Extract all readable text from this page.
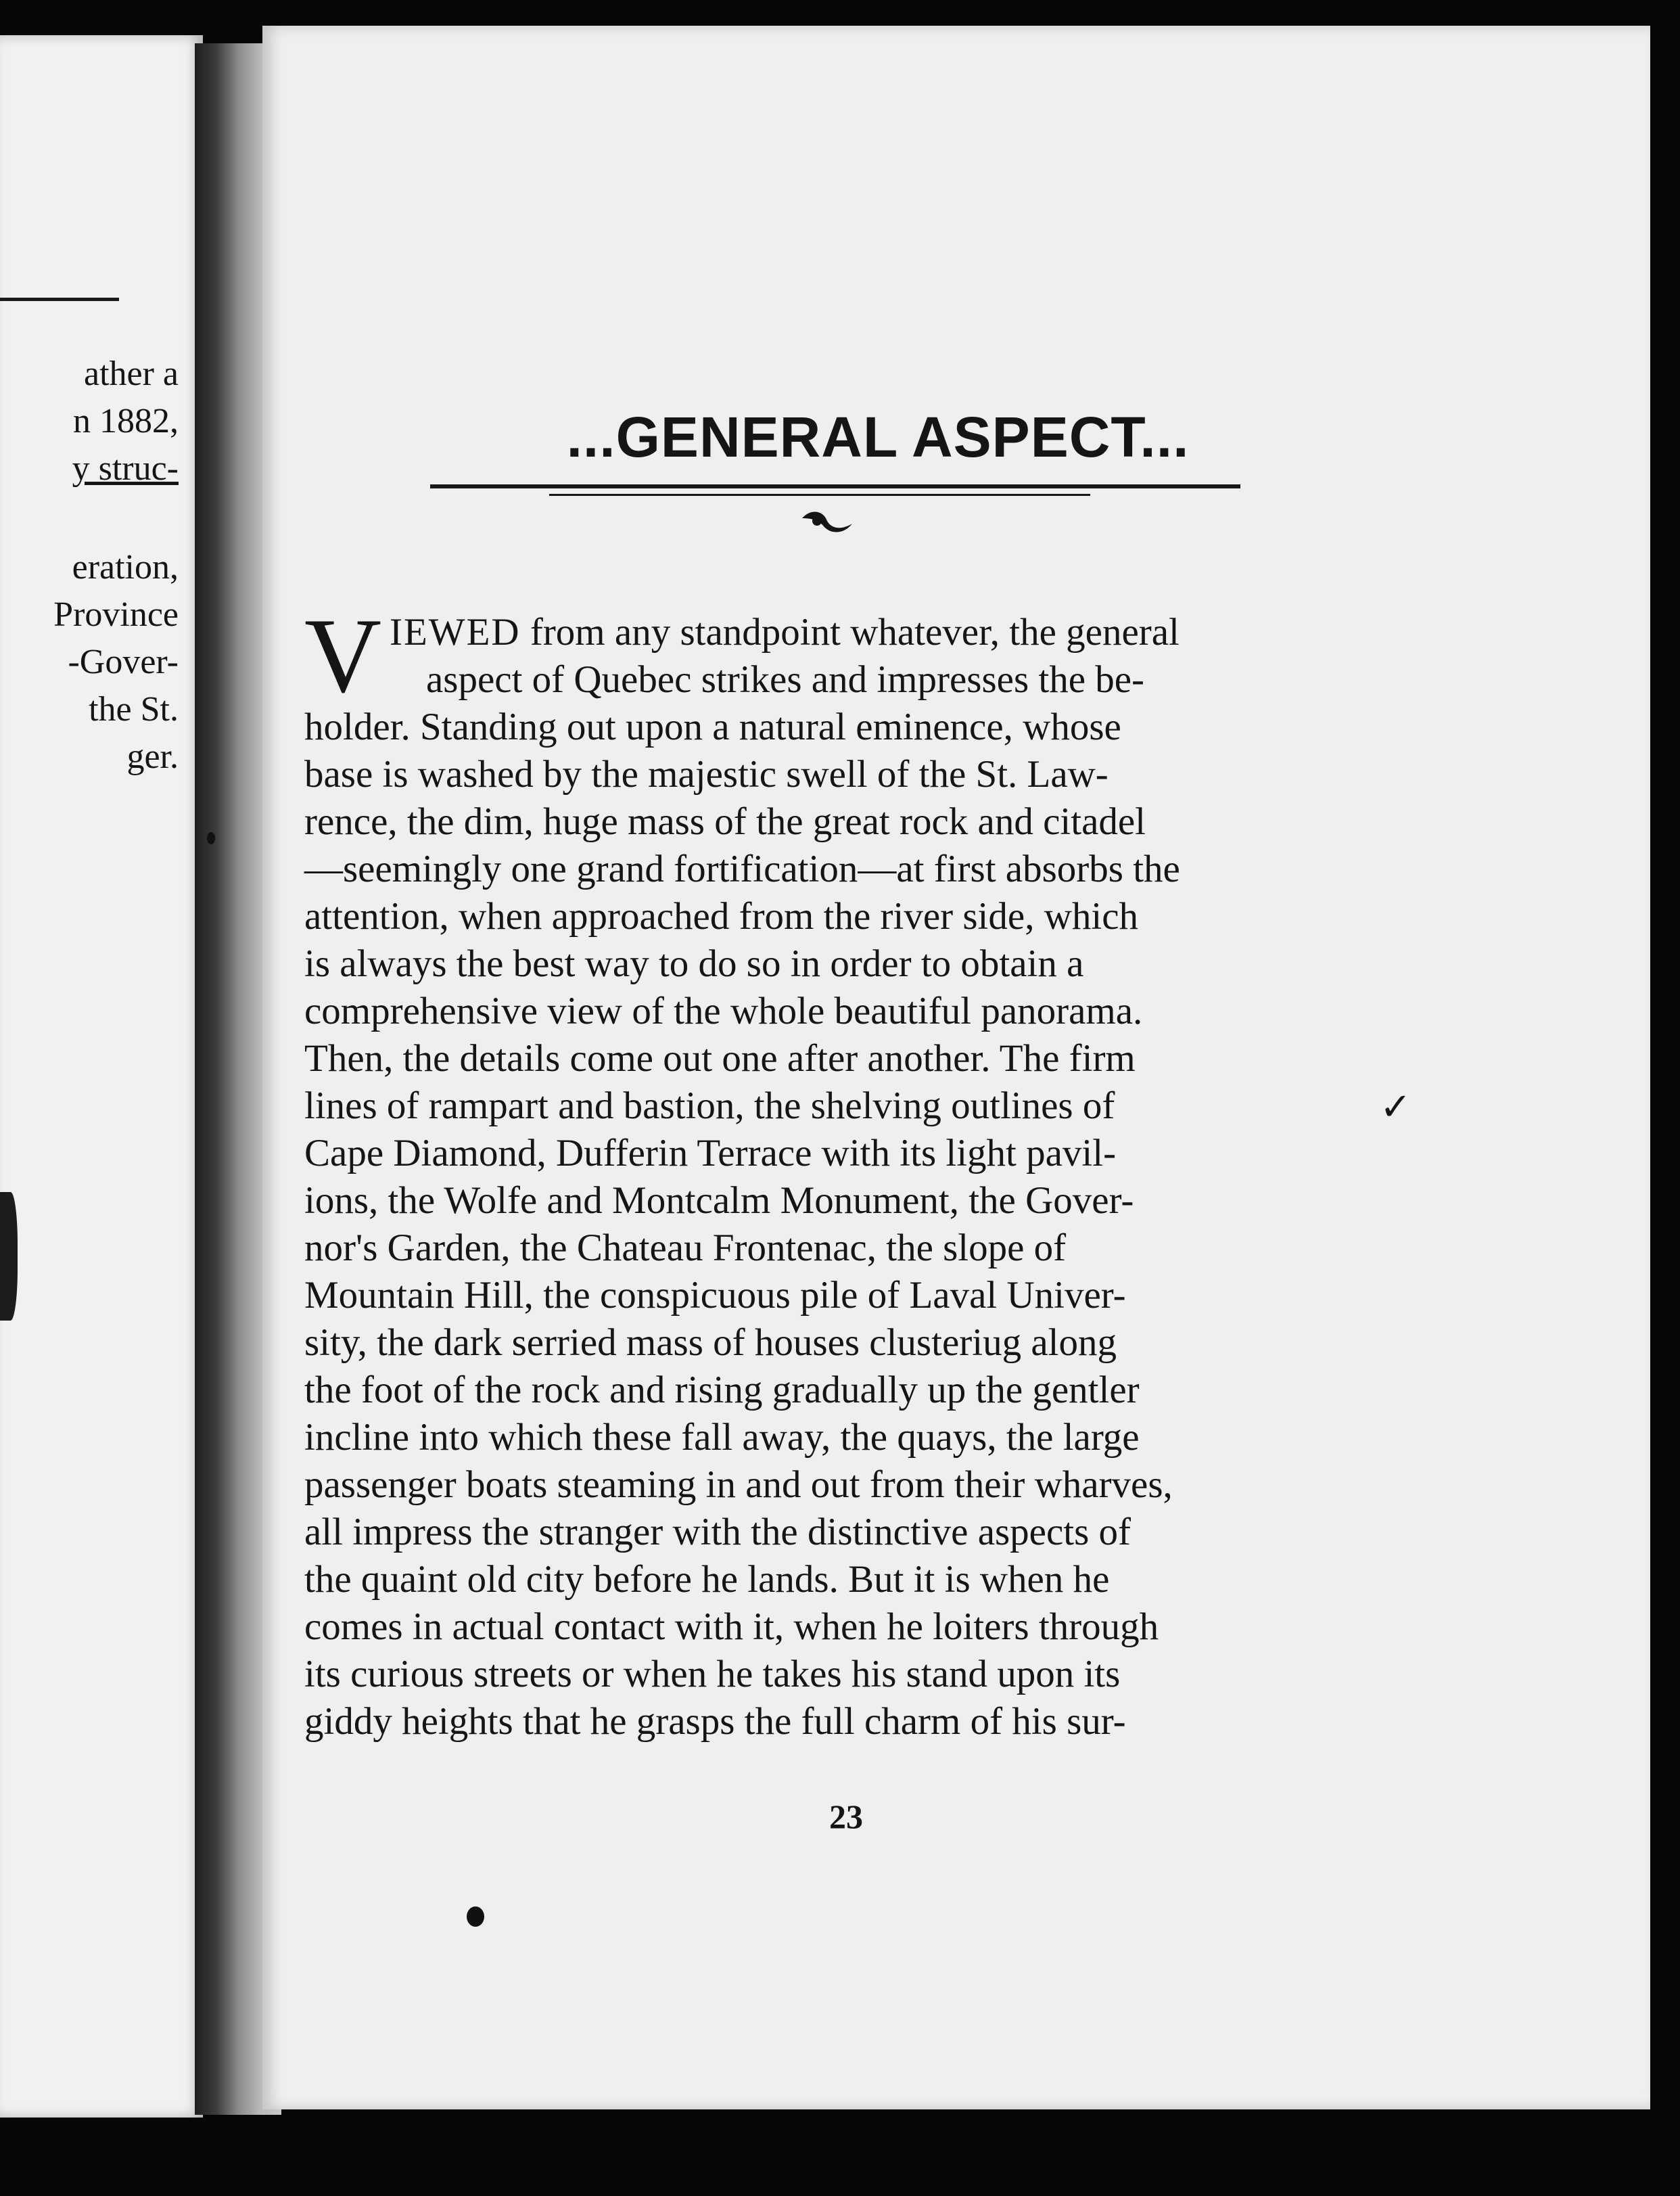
ather a

n 1882,

y struc-

eration,

Province

-Gover-

the St.

ger.

...GENERAL ASPECT...
V IEWED from any standpoint whatever, the general

aspect of Quebec strikes and impresses the be-

holder. Standing out upon a natural eminence, whose

base is washed by the majestic swell of the St. Law-

rence, the dim, huge mass of the great rock and citadel

—seemingly one grand fortification—at first absorbs the

attention, when approached from the river side, which

is always the best way to do so in order to obtain a

comprehensive view of the whole beautiful panorama.

Then, the details come out one after another. The firm

lines of rampart and bastion, the shelving outlines of

Cape Diamond, Dufferin Terrace with its light pavil-

ions, the Wolfe and Montcalm Monument, the Gover-

nor's Garden, the Chateau Frontenac, the slope of

Mountain Hill, the conspicuous pile of Laval Univer-

sity, the dark serried mass of houses clusteriug along

the foot of the rock and rising gradually up the gentler

incline into which these fall away, the quays, the large

passenger boats steaming in and out from their wharves,

all impress the stranger with the distinctive aspects of

the quaint old city before he lands. But it is when he

comes in actual contact with it, when he loiters through

its curious streets or when he takes his stand upon its

giddy heights that he grasps the full charm of his sur-

✓

23
